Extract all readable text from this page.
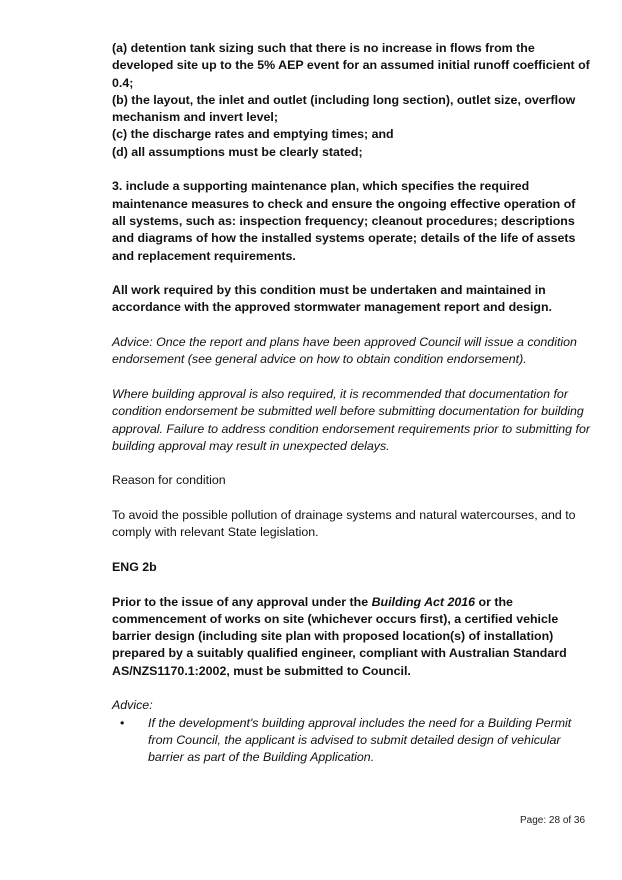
(a) detention tank sizing such that there is no increase in flows from the developed site up to the 5% AEP event for an assumed initial runoff coefficient of 0.4;

(b) the layout, the inlet and outlet (including long section), outlet size, overflow mechanism and invert level;

(c) the discharge rates and emptying times; and

(d) all assumptions must be clearly stated;

3. include a supporting maintenance plan, which specifies the required maintenance measures to check and ensure the ongoing effective operation of all systems, such as: inspection frequency; cleanout procedures; descriptions and diagrams of how the installed systems operate; details of the life of assets and replacement requirements.

All work required by this condition must be undertaken and maintained in accordance with the approved stormwater management report and design.

Advice: Once the report and plans have been approved Council will issue a condition endorsement (see general advice on how to obtain condition endorsement).

Where building approval is also required, it is recommended that documentation for condition endorsement be submitted well before submitting documentation for building approval. Failure to address condition endorsement requirements prior to submitting for building approval may result in unexpected delays.

Reason for condition

To avoid the possible pollution of drainage systems and natural watercourses, and to comply with relevant State legislation.

ENG 2b

Prior to the issue of any approval under the Building Act 2016 or the commencement of works on site (whichever occurs first), a certified vehicle barrier design (including site plan with proposed location(s) of installation) prepared by a suitably qualified engineer, compliant with Australian Standard AS/NZS1170.1:2002, must be submitted to Council.

Advice:

• If the development's building approval includes the need for a Building Permit from Council, the applicant is advised to submit detailed design of vehicular barrier as part of the Building Application.
Page: 28 of 36
